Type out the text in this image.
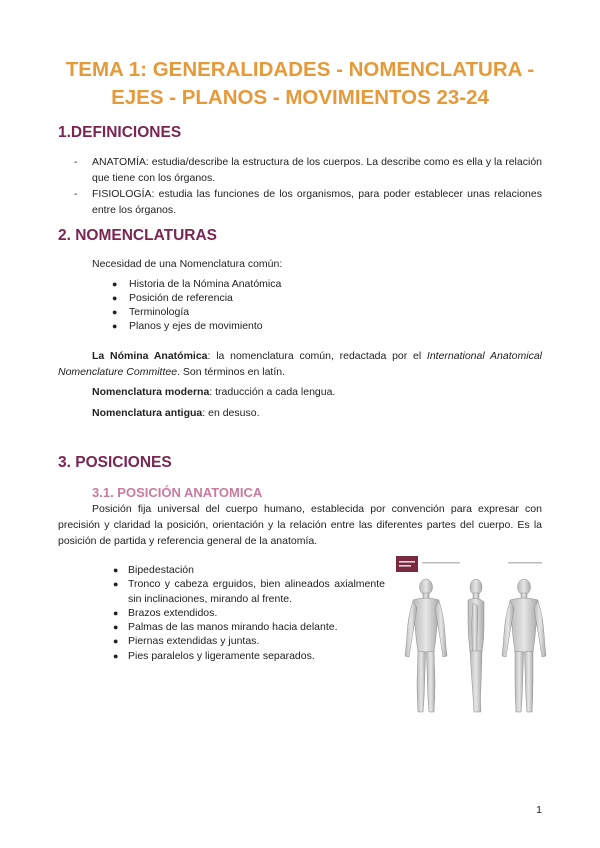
TEMA 1: GENERALIDADES - NOMENCLATURA -
EJES - PLANOS - MOVIMIENTOS 23-24
1.DEFINICIONES
- ANATOMÍA: estudia/describe la estructura de los cuerpos. La describe como es ella y la relación que tiene con los órganos.
- FISIOLOGÍA: estudia las funciones de los organismos, para poder establecer unas relaciones entre los órganos.
2. NOMENCLATURAS

Necesidad de una Nomenclatura común:

● Historia de la Nómina Anatómica
● Posición de referencia
● Terminología
● Planos y ejes de movimiento

La Nómina Anatómica: la nomenclatura común, redactada por el International Anatomical Nomenclature Committee. Son términos en latín.

Nomenclatura moderna: traducción a cada lengua.

Nomenclatura antigua: en desuso.

3. POSICIONES
3.1. POSICIÓN ANATOMICA

Posición fija universal del cuerpo humano, establecida por convención para expresar con precisión y claridad la posición, orientación y la relación entre las diferentes partes del cuerpo. Es la posición de partida y referencia general de la anatomía.

● Bipedestación
● Tronco y cabeza erguidos, bien alineados axialmente sin inclinaciones, mirando al frente.
● Brazos extendidos.
● Palmas de las manos mirando hacia delante.
● Piernas extendidas y juntas.
● Pies paralelos y ligeramente separados.
1
